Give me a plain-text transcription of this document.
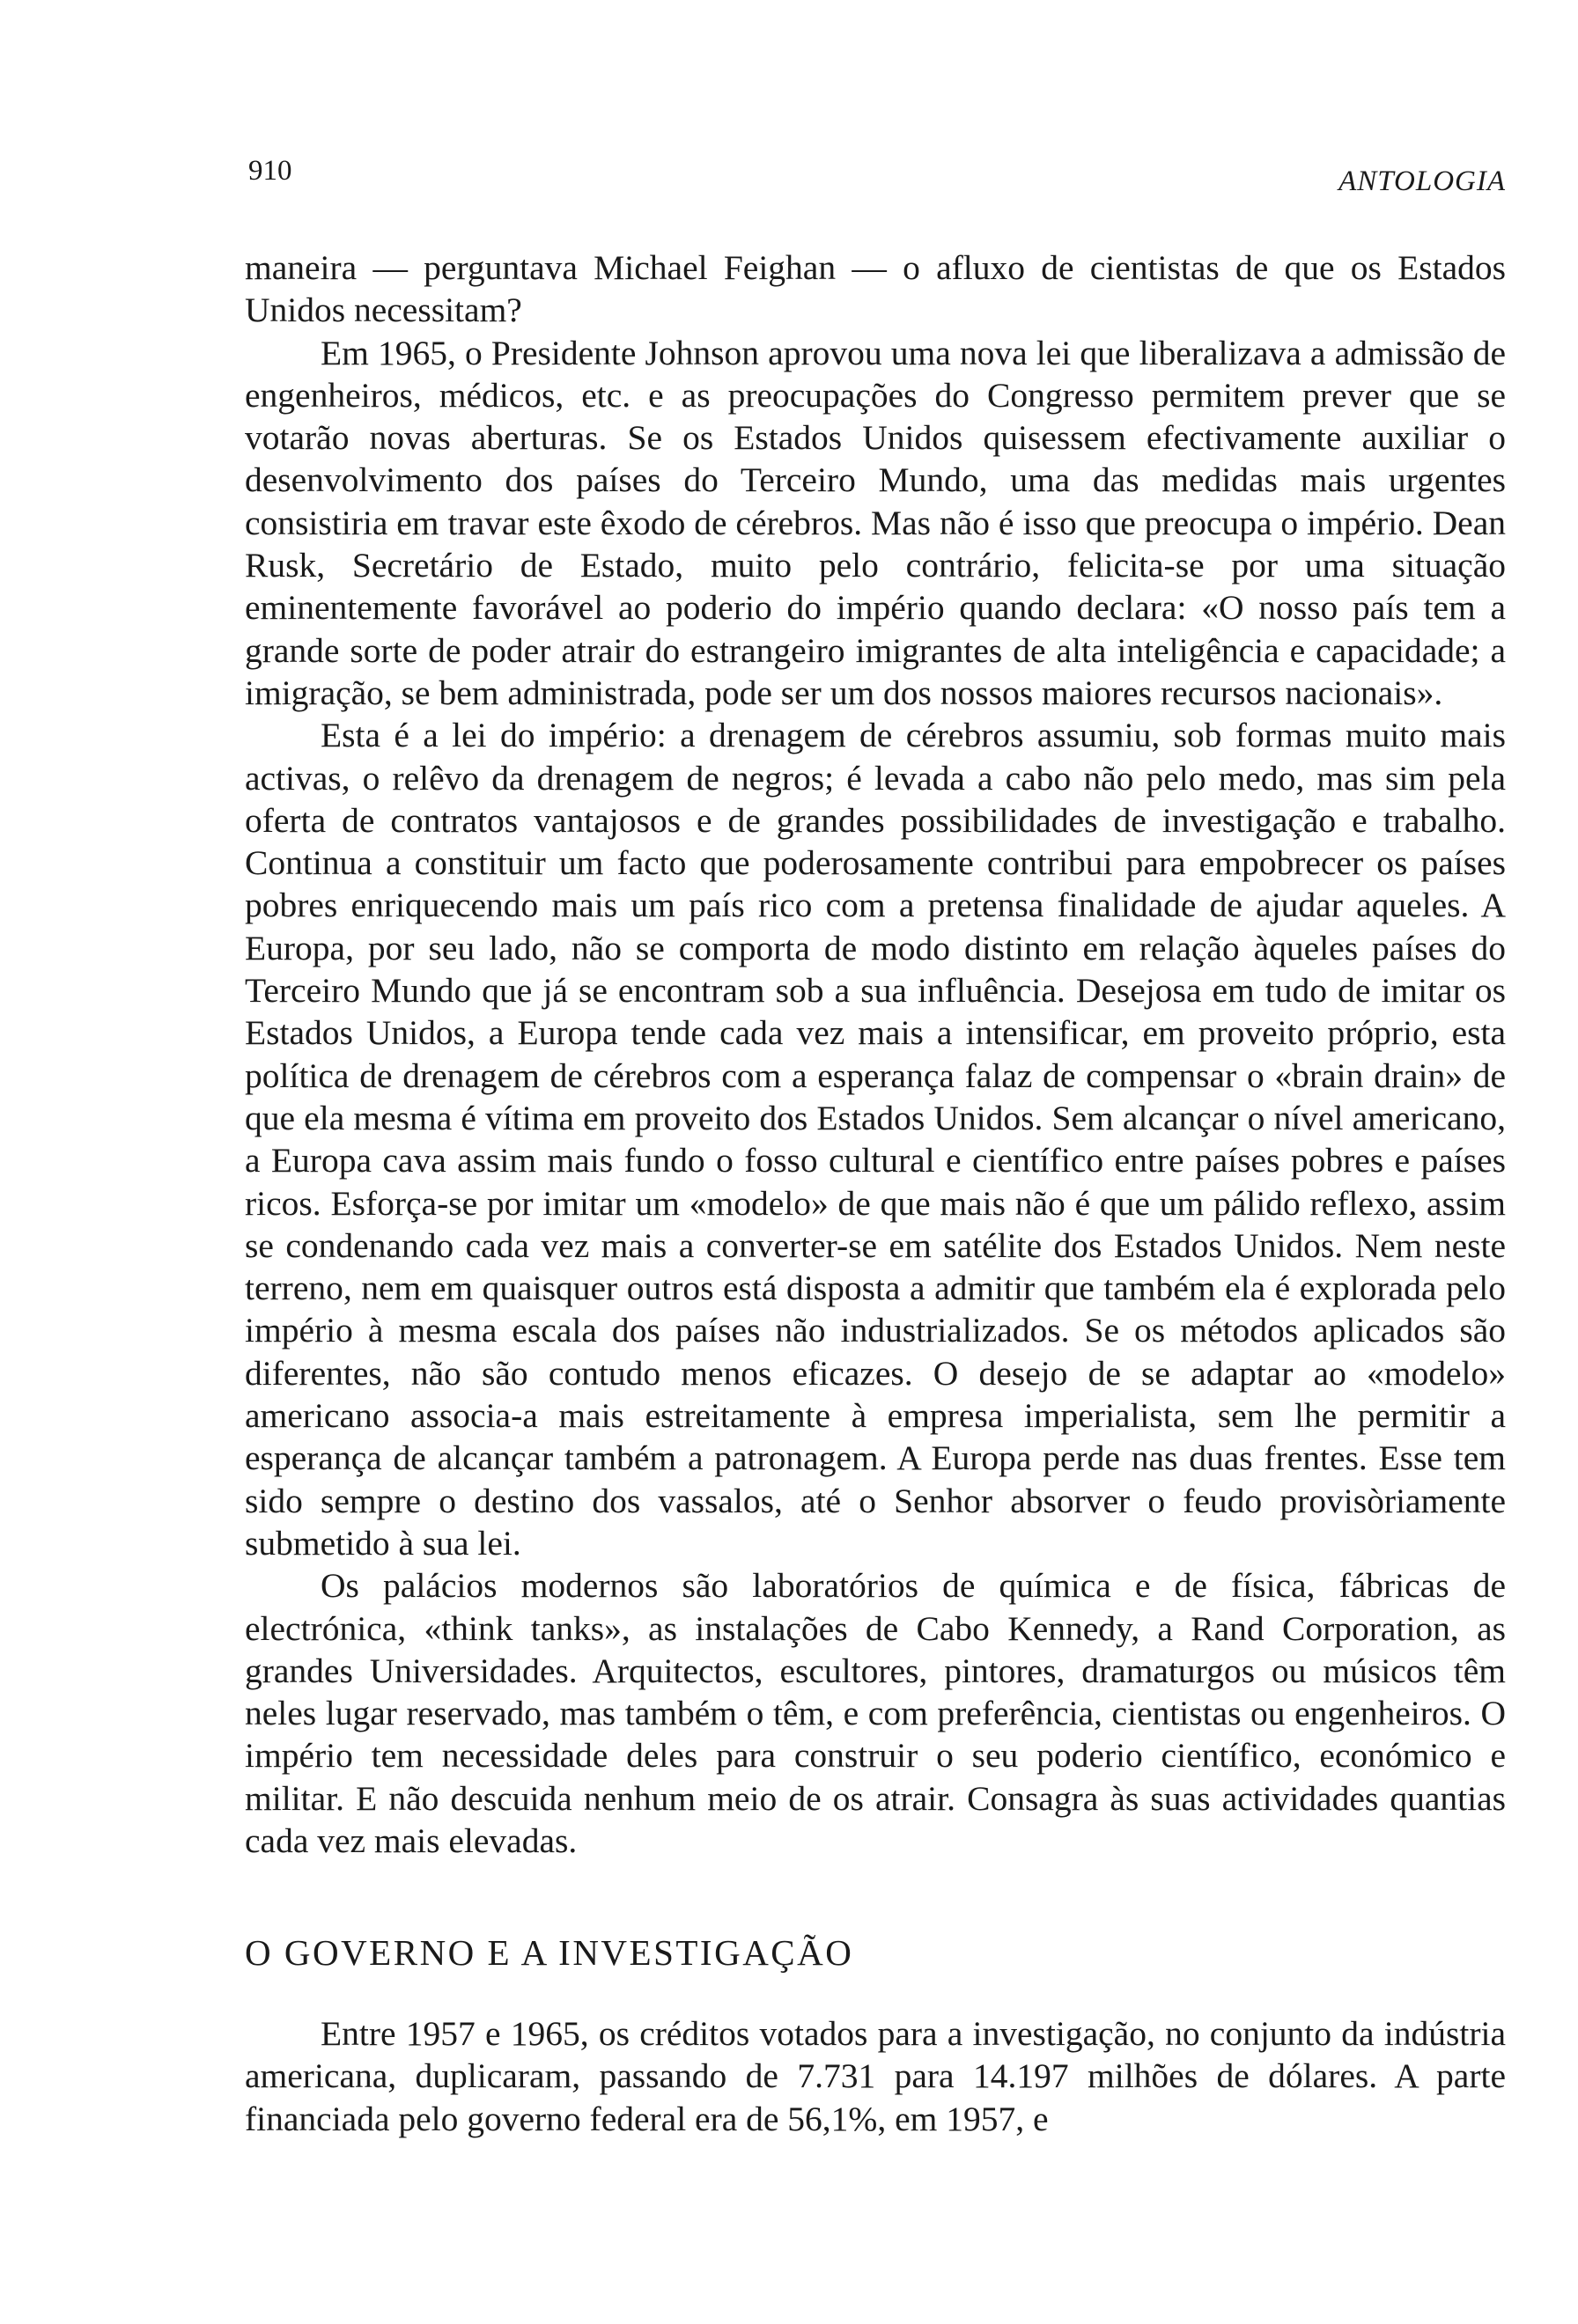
910	ANTOLOGIA

maneira — perguntava Michael Feighan — o afluxo de cientistas de que os Estados Unidos necessitam?

Em 1965, o Presidente Johnson aprovou uma nova lei que liberalizava a admissão de engenheiros, médicos, etc. e as preocupações do Congresso permitem prever que se votarão novas aberturas. Se os Estados Unidos quisessem efectivamente auxiliar o desenvolvimento dos países do Terceiro Mundo, uma das medidas mais urgentes consistiria em travar este êxodo de cérebros. Mas não é isso que preocupa o império. Dean Rusk, Secretário de Estado, muito pelo contrário, felicita-se por uma situação eminentemente favorável ao poderio do império quando declara: «O nosso país tem a grande sorte de poder atrair do estrangeiro imigrantes de alta inteligência e capacidade; a imigração, se bem administrada, pode ser um dos nossos maiores recursos nacionais».

Esta é a lei do império: a drenagem de cérebros assumiu, sob formas muito mais activas, o relêvo da drenagem de negros; é levada a cabo não pelo medo, mas sim pela oferta de contratos vantajosos e de grandes possibilidades de investigação e trabalho. Continua a constituir um facto que poderosamente contribui para empobrecer os países pobres enriquecendo mais um país rico com a pretensa finalidade de ajudar aqueles. A Europa, por seu lado, não se comporta de modo distinto em relação àqueles países do Terceiro Mundo que já se encontram sob a sua influência. Desejosa em tudo de imitar os Estados Unidos, a Europa tende cada vez mais a intensificar, em proveito próprio, esta política de drenagem de cérebros com a esperança falaz de compensar o «brain drain» de que ela mesma é vítima em proveito dos Estados Unidos. Sem alcançar o nível americano, a Europa cava assim mais fundo o fosso cultural e científico entre países pobres e países ricos. Esforça-se por imitar um «modelo» de que mais não é que um pálido reflexo, assim se condenando cada vez mais a converter-se em satélite dos Estados Unidos. Nem neste terreno, nem em quaisquer outros está disposta a admitir que também ela é explorada pelo império à mesma escala dos países não industrializados. Se os métodos aplicados são diferentes, não são contudo menos eficazes. O desejo de se adaptar ao «modelo» americano associa-a mais estreitamente à empresa imperialista, sem lhe permitir a esperança de alcançar também a patronagem. A Europa perde nas duas frentes. Esse tem sido sempre o destino dos vassalos, até o Senhor absorver o feudo provisòriamente submetido à sua lei.

Os palácios modernos são laboratórios de química e de física, fábricas de electrónica, «think tanks», as instalações de Cabo Kennedy, a Rand Corporation, as grandes Universidades. Arquitectos, escultores, pintores, dramaturgos ou músicos têm neles lugar reservado, mas também o têm, e com preferência, cientistas ou engenheiros. O império tem necessidade deles para construir o seu poderio científico, económico e militar. E não descuida nenhum meio de os atrair. Consagra às suas actividades quantias cada vez mais elevadas.

O GOVERNO E A INVESTIGAÇÃO

Entre 1957 e 1965, os créditos votados para a investigação, no conjunto da indústria americana, duplicaram, passando de 7.731 para 14.197 milhões de dólares. A parte financiada pelo governo federal era de 56,1%, em 1957, e
